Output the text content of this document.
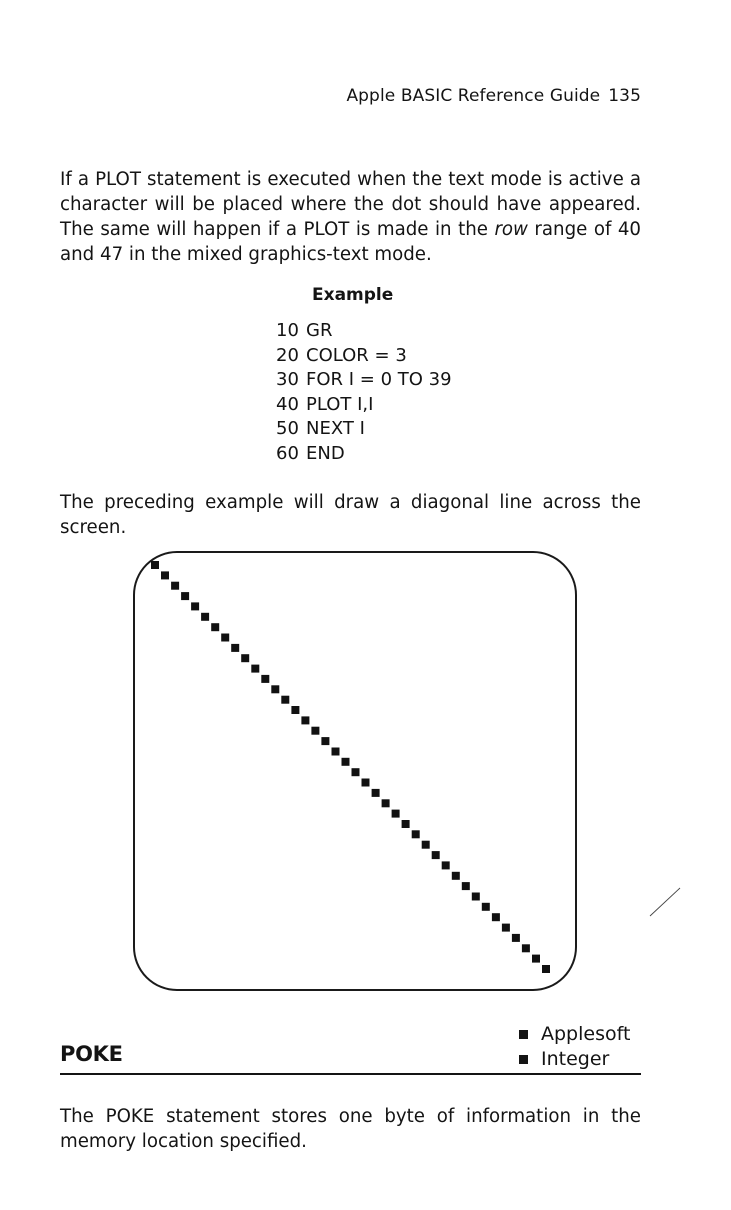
Apple BASIC Reference Guide 135

If a PLOT statement is executed when the text mode is active a
character will be placed where the dot should have appeared.
The same will happen if a PLOT is made in the row range of 40
and 47 in the mixed graphics-text mode.

Example
10 GR
20 COLOR = 3
30 FOR I = 0 TO 39
40 PLOT I,I
50 NEXT I
60 END

The preceding example will draw a diagonal line across the
screen.

POKE
Applesoft
Integer

The POKE statement stores one byte of information in the
memory location specified.
